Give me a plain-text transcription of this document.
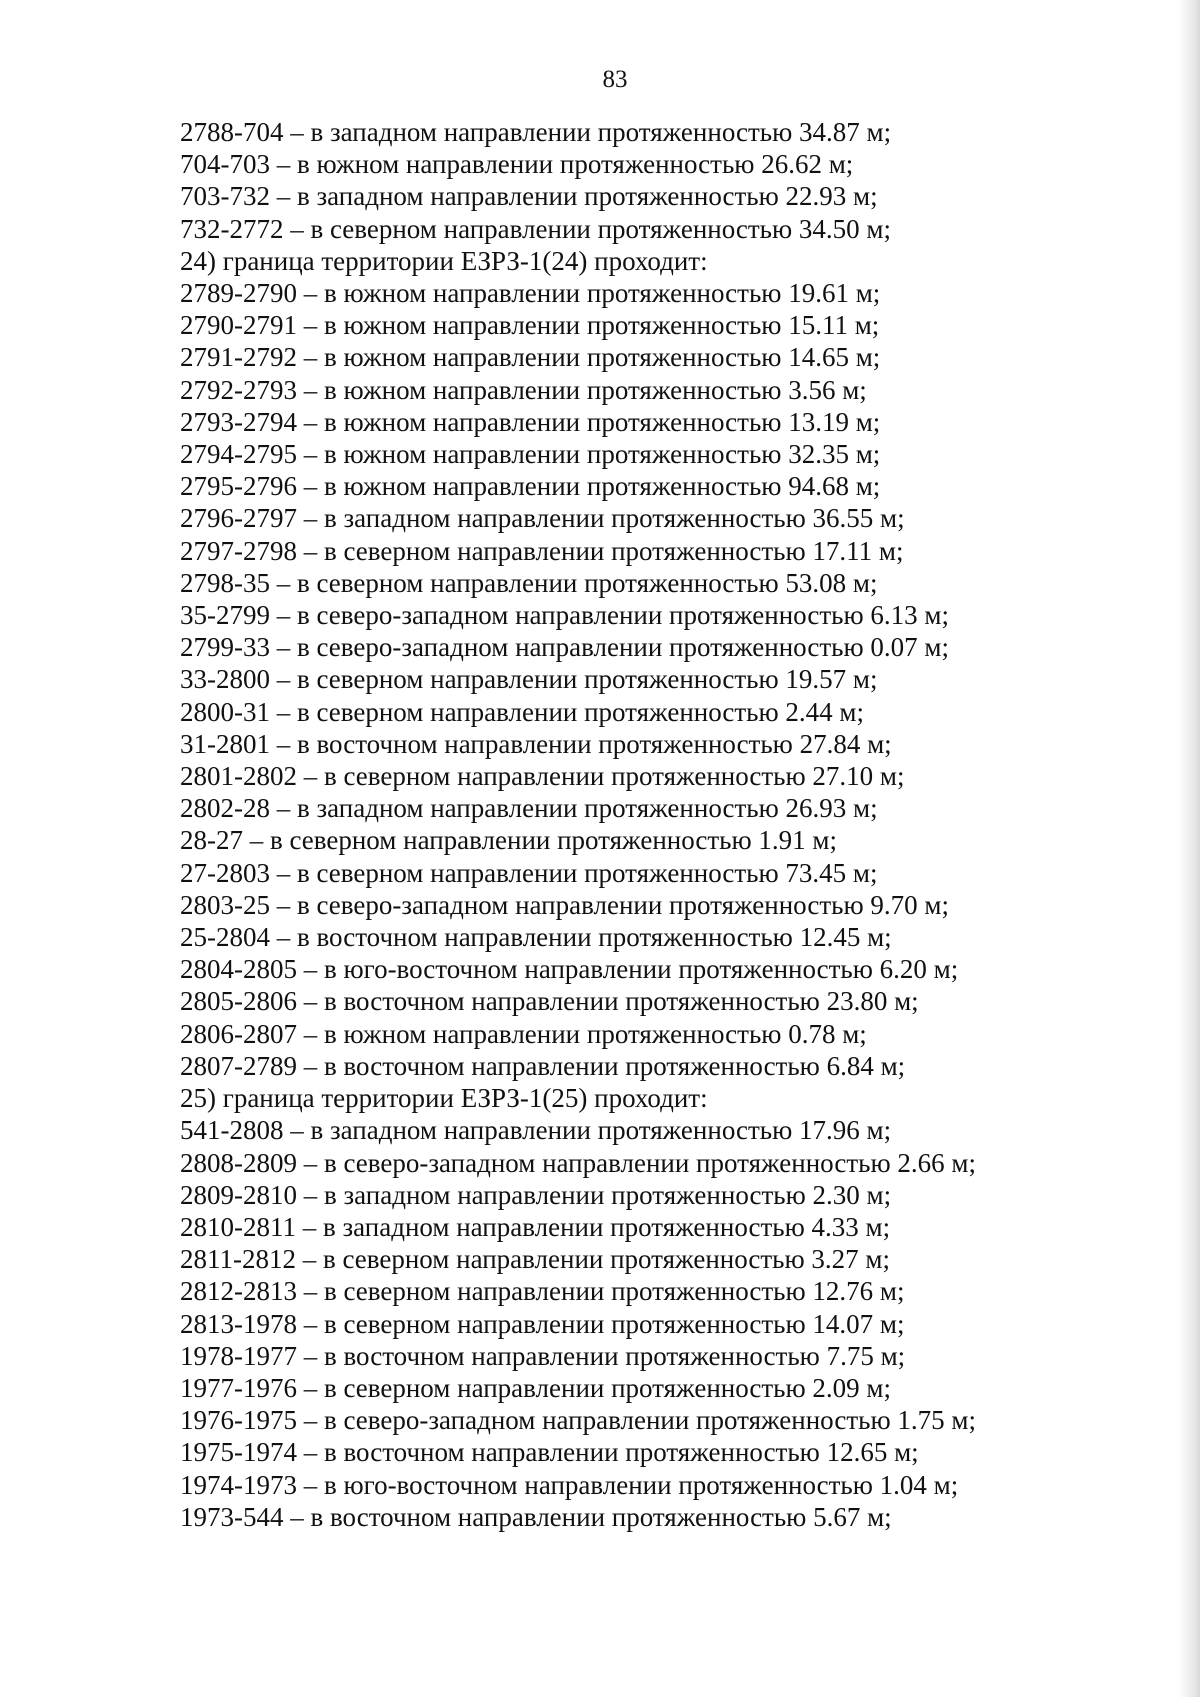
83

2788-704 – в западном направлении протяженностью 34.87 м;

704-703 – в южном направлении протяженностью 26.62 м;

703-732 – в западном направлении протяженностью 22.93 м;

732-2772 – в северном направлении протяженностью 34.50 м;

24) граница территории ЕЗРЗ-1(24) проходит:

2789-2790 – в южном направлении протяженностью 19.61 м;

2790-2791 – в южном направлении протяженностью 15.11 м;

2791-2792 – в южном направлении протяженностью 14.65 м;

2792-2793 – в южном направлении протяженностью 3.56 м;

2793-2794 – в южном направлении протяженностью 13.19 м;

2794-2795 – в южном направлении протяженностью 32.35 м;

2795-2796 – в южном направлении протяженностью 94.68 м;

2796-2797 – в западном направлении протяженностью 36.55 м;

2797-2798 – в северном направлении протяженностью 17.11 м;

2798-35 – в северном направлении протяженностью 53.08 м;

35-2799 – в северо-западном направлении протяженностью 6.13 м;

2799-33 – в северо-западном направлении протяженностью 0.07 м;

33-2800 – в северном направлении протяженностью 19.57 м;

2800-31 – в северном направлении протяженностью 2.44 м;

31-2801 – в восточном направлении протяженностью 27.84 м;

2801-2802 – в северном направлении протяженностью 27.10 м;

2802-28 – в западном направлении протяженностью 26.93 м;

28-27 – в северном направлении протяженностью 1.91 м;

27-2803 – в северном направлении протяженностью 73.45 м;

2803-25 – в северо-западном направлении протяженностью 9.70 м;

25-2804 – в восточном направлении протяженностью 12.45 м;

2804-2805 – в юго-восточном направлении протяженностью 6.20 м;

2805-2806 – в восточном направлении протяженностью 23.80 м;

2806-2807 – в южном направлении протяженностью 0.78 м;

2807-2789 – в восточном направлении протяженностью 6.84 м;

25) граница территории ЕЗРЗ-1(25) проходит:

541-2808 – в западном направлении протяженностью 17.96 м;

2808-2809 – в северо-западном направлении протяженностью 2.66 м;

2809-2810 – в западном направлении протяженностью 2.30 м;

2810-2811 – в западном направлении протяженностью 4.33 м;

2811-2812 – в северном направлении протяженностью 3.27 м;

2812-2813 – в северном направлении протяженностью 12.76 м;

2813-1978 – в северном направлении протяженностью 14.07 м;

1978-1977 – в восточном направлении протяженностью 7.75 м;

1977-1976 – в северном направлении протяженностью 2.09 м;

1976-1975 – в северо-западном направлении протяженностью 1.75 м;

1975-1974 – в восточном направлении протяженностью 12.65 м;

1974-1973 – в юго-восточном направлении протяженностью 1.04 м;

1973-544 – в восточном направлении протяженностью 5.67 м;
